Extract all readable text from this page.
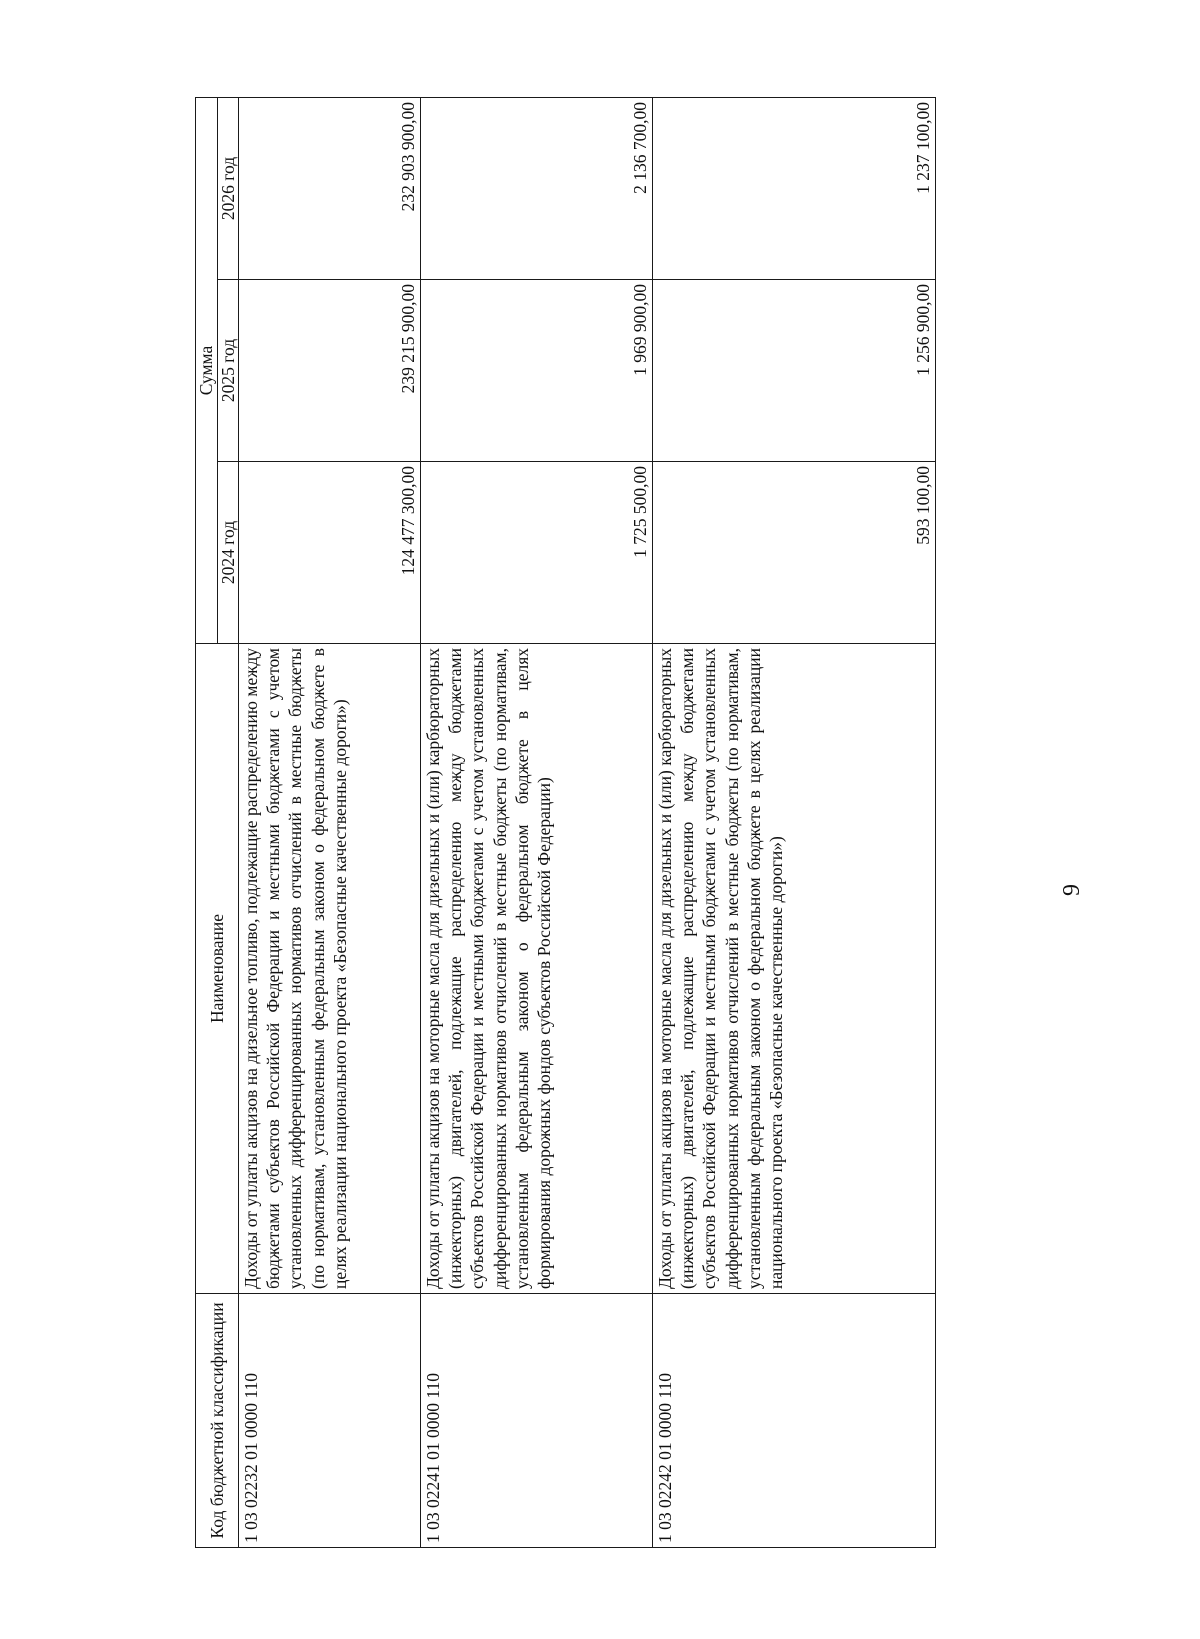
9
Код бюджетной классификации	Наименование	Сумма		
		2024 год	2025 год	2026 год
1 03 02232 01 0000 110	Доходы от уплаты акцизов на дизельное топливо, подлежащие распределению между бюджетами субъектов Российской Федерации и местными бюджетами с учетом установленных дифференцированных нормативов отчислений в местные бюджеты (по нормативам, установленным федеральным законом о федеральном бюджете в целях реализации национального проекта «Безопасные качественные дороги»)	124 477 300,00	239 215 900,00	232 903 900,00
1 03 02241 01 0000 110	Доходы от уплаты акцизов на моторные масла для дизельных и (или) карбюраторных (инжекторных) двигателей, подлежащие распределению между бюджетами субъектов Российской Федерации и местными бюджетами с учетом установленных дифференцированных нормативов отчислений в местные бюджеты (по нормативам, установленным федеральным законом о федеральном бюджете в целях формирования дорожных фондов субъектов Российской Федерации)	1 725 500,00	1 969 900,00	2 136 700,00
1 03 02242 01 0000 110	Доходы от уплаты акцизов на моторные масла для дизельных и (или) карбюраторных (инжекторных) двигателей, подлежащие распределению между бюджетами субъектов Российской Федерации и местными бюджетами с учетом установленных дифференцированных нормативов отчислений в местные бюджеты (по нормативам, установленным федеральным законом о федеральном бюджете в целях реализации национального проекта «Безопасные качественные дороги»)	593 100,00	1 256 900,00	1 237 100,00
